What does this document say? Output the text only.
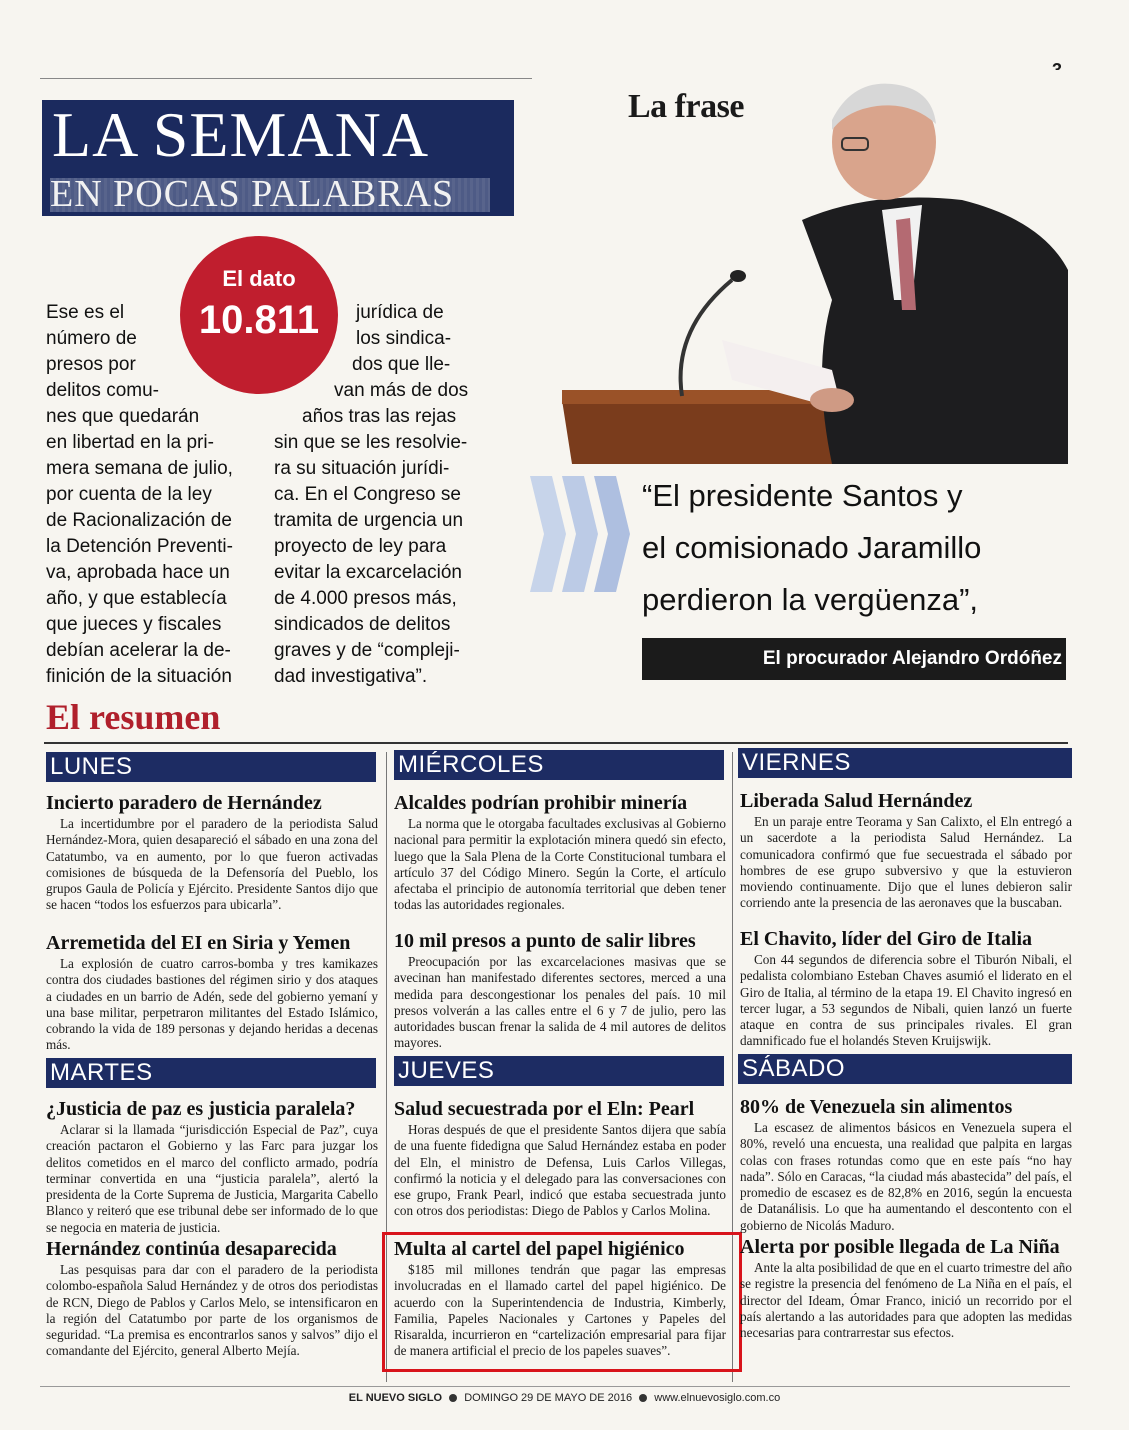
LA SEMANA
EN POCAS PALABRAS
El dato
10.811
Ese es el
número de
presos por
delitos comu-
jurídica de
los sindica-
dos que lle-
van más de dos
nes que quedarán
en libertad en la pri-
mera semana de julio,
por cuenta de la ley
de Racionalización de
la Detención Preventi-
va, aprobada hace un
año, y que establecía
que jueces y fiscales
debían acelerar la de-
finición de la situación
años tras las rejas
sin que se les resolvie-
ra su situación jurídi-
ca. En el Congreso se
tramita de urgencia un
proyecto de ley para
evitar la excarcelación
de 4.000 presos más,
sindicados de delitos
graves y de “compleji-
dad investigativa”.
La frase
“El presidente Santos y
el comisionado Jaramillo
perdieron la vergüenza”,
El procurador Alejandro Ordóñez
El resumen
LUNES	MIÉRCOLES	VIERNES
MARTES	JUEVES	SÁBADO
Incierto paradero de Hernández
La incertidumbre por el paradero de la periodista Salud Hernández-Mora, quien desapareció el sábado en una zona del Catatumbo, va en aumento, por lo que fueron activadas comisiones de búsqueda de la Defensoría del Pueblo, los grupos Gaula de Policía y Ejército. Presidente Santos dijo que se hacen “todos los esfuerzos para ubicarla”.
Arremetida del EI en Siria y Yemen
La explosión de cuatro carros-bomba y tres kamikazes contra dos ciudades bastiones del régimen sirio y dos ataques a ciudades en un barrio de Adén, sede del gobierno yemaní y una base militar, perpetraron militantes del Estado Islámico, cobrando la vida de 189 personas y dejando heridas a decenas más.
¿Justicia de paz es justicia paralela?
Aclarar si la llamada “jurisdicción Especial de Paz”, cuya creación pactaron el Gobierno y las Farc para juzgar los delitos cometidos en el marco del conflicto armado, podría terminar convertida en una “justicia paralela”, alertó la presidenta de la Corte Suprema de Justicia, Margarita Cabello Blanco y reiteró que ese tribunal debe ser informado de lo que se negocia en materia de justicia.
Hernández continúa desaparecida
Las pesquisas para dar con el paradero de la periodista colombo-española Salud Hernández y de otros dos periodistas de RCN, Diego de Pablos y Carlos Melo, se intensificaron en la región del Catatumbo por parte de los organismos de seguridad. “La premisa es encontrarlos sanos y salvos” dijo el comandante del Ejército, general Alberto Mejía.
Alcaldes podrían prohibir minería
La norma que le otorgaba facultades exclusivas al Gobierno nacional para permitir la explotación minera quedó sin efecto, luego que la Sala Plena de la Corte Constitucional tumbara el artículo 37 del Código Minero. Según la Corte, el artículo afectaba el principio de autonomía territorial que deben tener todas las autoridades regionales.
10 mil presos a punto de salir libres
Preocupación por las excarcelaciones masivas que se avecinan han manifestado diferentes sectores, merced a una medida para descongestionar los penales del país. 10 mil presos volverán a las calles entre el 6 y 7 de julio, pero las autoridades buscan frenar la salida de 4 mil autores de delitos mayores.
Salud secuestrada por el Eln: Pearl
Horas después de que el presidente Santos dijera que sabía de una fuente fidedigna que Salud Hernández estaba en poder del Eln, el ministro de Defensa, Luis Carlos Villegas, confirmó la noticia y el delegado para las conversaciones con ese grupo, Frank Pearl, indicó que estaba secuestrada junto con otros dos periodistas: Diego de Pablos y Carlos Molina.
Multa al cartel del papel higiénico
$185 mil millones tendrán que pagar las empresas involucradas en el llamado cartel del papel higiénico. De acuerdo con la Superintendencia de Industria, Kimberly, Familia, Papeles Nacionales y Cartones y Papeles del Risaralda, incurrieron en “cartelización empresarial para fijar de manera artificial el precio de los papeles suaves”.
Liberada Salud Hernández
En un paraje entre Teorama y San Calixto, el Eln entregó a un sacerdote a la periodista Salud Hernández. La comunicadora confirmó que fue secuestrada el sábado por hombres de ese grupo subversivo y que la estuvieron moviendo continuamente. Dijo que el lunes debieron salir corriendo ante la presencia de las aeronaves que la buscaban.
El Chavito, líder del Giro de Italia
Con 44 segundos de diferencia sobre el Tiburón Nibali, el pedalista colombiano Esteban Chaves asumió el liderato en el Giro de Italia, al término de la etapa 19. El Chavito ingresó en tercer lugar, a 53 segundos de Nibali, quien lanzó un fuerte ataque en contra de sus principales rivales. El gran damnificado fue el holandés Steven Kruijswijk.
80% de Venezuela sin alimentos
La escasez de alimentos básicos en Venezuela supera el 80%, reveló una encuesta, una realidad que palpita en largas colas con frases rotundas como que en este país “no hay nada”. Sólo en Caracas, “la ciudad más abastecida” del país, el promedio de escasez es de 82,8% en 2016, según la encuesta de Datanálisis. Lo que ha aumentando el descontento con el gobierno de Nicolás Maduro.
Alerta por posible llegada de La Niña
Ante la alta posibilidad de que en el cuarto trimestre del año se registre la presencia del fenómeno de La Niña en el país, el director del Ideam, Ómar Franco, inició un recorrido por el país alertando a las autoridades para que adopten las medidas necesarias para contrarrestar sus efectos.
EL NUEVO SIGLO DOMINGO 29 DE MAYO DE 2016 www.elnuevosiglo.com.co
